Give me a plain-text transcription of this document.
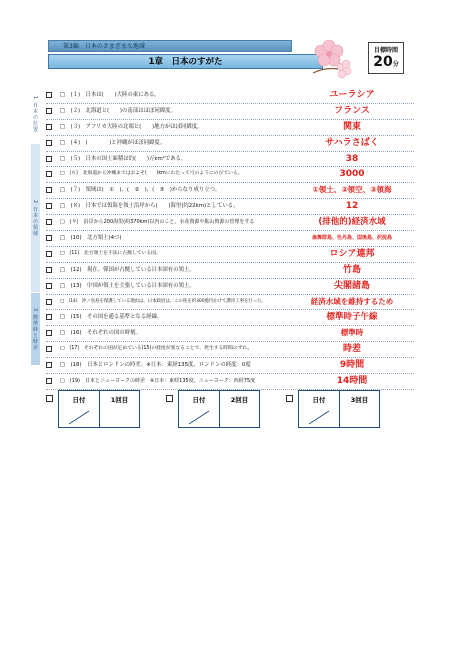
第3編　日本のさまざまな地域
1章　日本のすがた
目標時間
20分
1 日本の位置
2 日本の領域
3 標準時と時差
□　(１)　日本は(　　)大陸の東にある。	ユーラシア
□　(２)　北海道と(　　)の南部はほぼ同緯度。	フランス
□　(３)　アフリカ大陸の北端と(　　)地方がほぼ同緯度。	関東
□　(４)　(　　　　)と沖縄がほぼ同緯度。	サハラさばく
□　(５)　日本の国土面積は約(　　)万km²である。	38
□　(６)　北海道から沖縄まではおよそ(　　)kmにわたって弓のようにのびている。	3000
□　(７)　領域は(　①　)、(　②　)、(　③　)からなり成り立つ。	①領土、②領空、③領海
□　(８)　日本では領海を領土沿岸から(　　)海里(約22km)としている。	12
□　(９)　沿岸から200海里(約370km)以内のこと。水産資源や鉱山資源の管理をする	(排他的)経済水域
□　(10)　北方領土(4つ)	歯舞群島、色丹島、国後島、択捉島
□　(11)　北方領土を不法に占拠している国。	ロシア連邦
□　(12)　現在、韓国が占拠している日本固有の領土。	竹島
□　(13)　中国が領土を主張している日本固有の領土。	尖閣諸島
□　(14)　沖ノ鳥島を保護している理由は。日本政府は、この島を約300億円かけて護岸工事を行った。	経済水域を維持するため
□　(15)　その国を通る基準となる経線。	標準時子午線
□　(16)　それぞれの国の時刻。	標準時
□　(17)　それぞれの国が定めている(15)の経度が異なることで、発生する時間のずれ。	時差
□　(18)　日本とロンドンの時差。※日本：東経135度、ロンドンの経度：0度	9時間
□　(19)　日本とニューヨークの時差　※日本：東経135度、ニューヨーク：西経75度	14時間
日付	1回目	日付	2回目	日付	3回目
